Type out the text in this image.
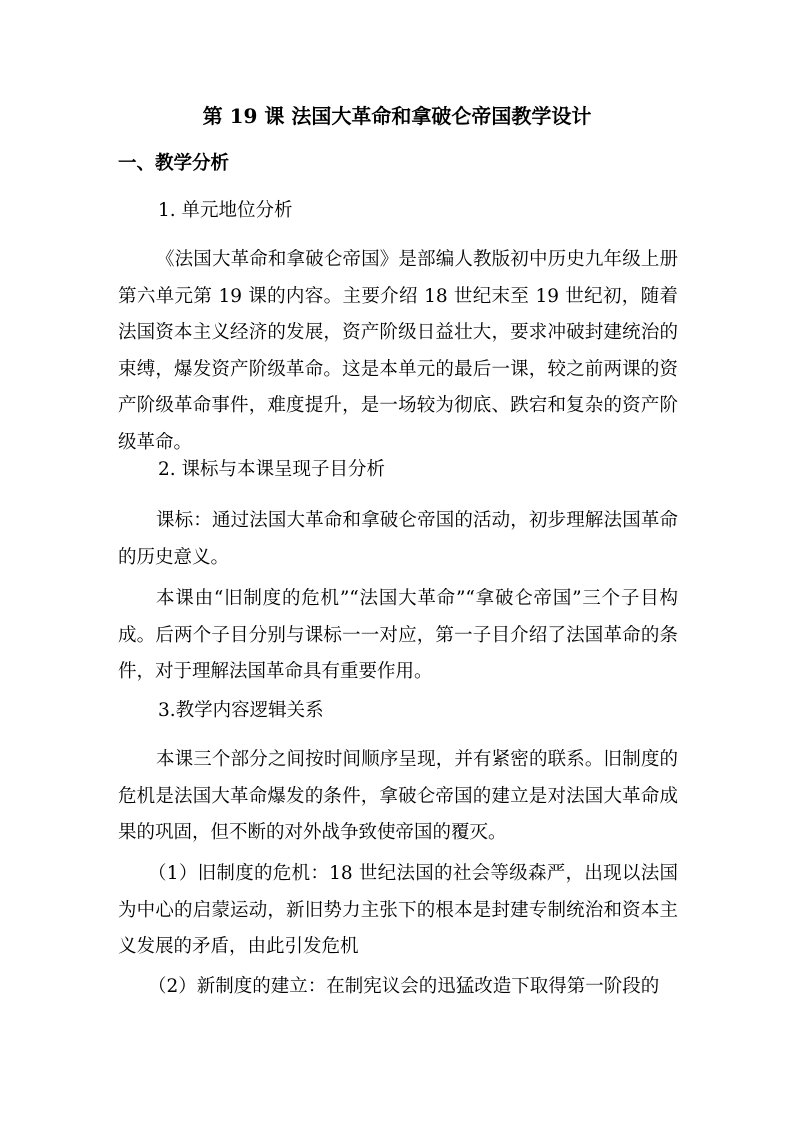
第 19 课 法国大革命和拿破仑帝国教学设计
一、教学分析
1. 单元地位分析
《法国大革命和拿破仑帝国》是部编人教版初中历史九年级上册第六单元第 19 课的内容。主要介绍 18 世纪末至 19 世纪初，随着法国资本主义经济的发展，资产阶级日益壮大，要求冲破封建统治的束缚，爆发资产阶级革命。这是本单元的最后一课，较之前两课的资产阶级革命事件，难度提升，是一场较为彻底、跌宕和复杂的资产阶级革命。
2. 课标与本课呈现子目分析
课标：通过法国大革命和拿破仑帝国的活动，初步理解法国革命的历史意义。
本课由“旧制度的危机”“法国大革命”“拿破仑帝国”三个子目构成。后两个子目分别与课标一一对应，第一子目介绍了法国革命的条件，对于理解法国革命具有重要作用。
3.教学内容逻辑关系
本课三个部分之间按时间顺序呈现，并有紧密的联系。旧制度的危机是法国大革命爆发的条件，拿破仑帝国的建立是对法国大革命成果的巩固，但不断的对外战争致使帝国的覆灭。
（1）旧制度的危机：18 世纪法国的社会等级森严，出现以法国为中心的启蒙运动，新旧势力主张下的根本是封建专制统治和资本主义发展的矛盾，由此引发危机
（2）新制度的建立：在制宪议会的迅猛改造下取得第一阶段的
